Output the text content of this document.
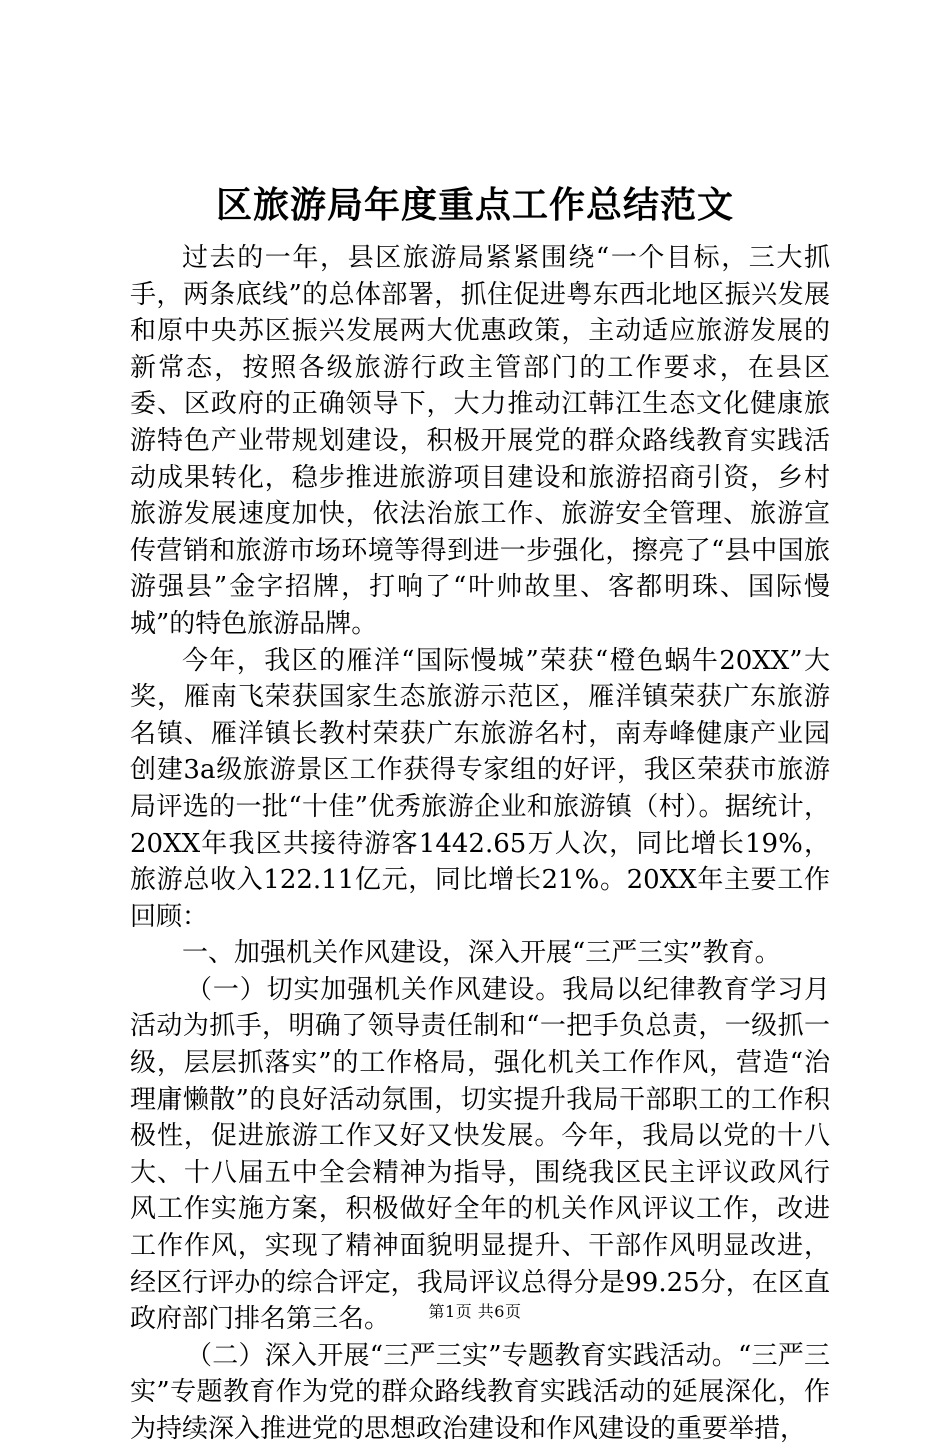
区旅游局年度重点工作总结范文

过去的一年，县区旅游局紧紧围绕“一个目标，三大抓手，两条底线”的总体部署，抓住促进粤东西北地区振兴发展和原中央苏区振兴发展两大优惠政策，主动适应旅游发展的新常态，按照各级旅游行政主管部门的工作要求，在县区委、区政府的正确领导下，大力推动江韩江生态文化健康旅游特色产业带规划建设，积极开展党的群众路线教育实践活动成果转化，稳步推进旅游项目建设和旅游招商引资，乡村旅游发展速度加快，依法治旅工作、旅游安全管理、旅游宣传营销和旅游市场环境等得到进一步强化，擦亮了“县中国旅游强县”金字招牌，打响了“叶帅故里、客都明珠、国际慢城”的特色旅游品牌。

今年，我区的雁洋“国际慢城”荣获“橙色蜗牛20XX”大奖，雁南飞荣获国家生态旅游示范区，雁洋镇荣获广东旅游名镇、雁洋镇长教村荣获广东旅游名村，南寿峰健康产业园创建3a级旅游景区工作获得专家组的好评，我区荣获市旅游局评选的一批“十佳”优秀旅游企业和旅游镇（村）。据统计，20XX年我区共接待游客1442.65万人次，同比增长19%，旅游总收入122.11亿元，同比增长21%。20XX年主要工作回顾：

一、加强机关作风建设，深入开展“三严三实”教育。

（一）切实加强机关作风建设。我局以纪律教育学习月活动为抓手，明确了领导责任制和“一把手负总责，一级抓一级，层层抓落实”的工作格局，强化机关工作作风，营造“治理庸懒散”的良好活动氛围，切实提升我局干部职工的工作积极性，促进旅游工作又好又快发展。今年，我局以党的十八大、十八届五中全会精神为指导，围绕我区民主评议政风行风工作实施方案，积极做好全年的机关作风评议工作，改进工作作风，实现了精神面貌明显提升、干部作风明显改进，经区行评办的综合评定，我局评议总得分是99.25分，在区直政府部门排名第三名。

（二）深入开展“三严三实”专题教育实践活动。“三严三实”专题教育作为党的群众路线教育实践活动的延展深化，作为持续深入推进党的思想政治建设和作风建设的重要举措，

第1页 共6页
